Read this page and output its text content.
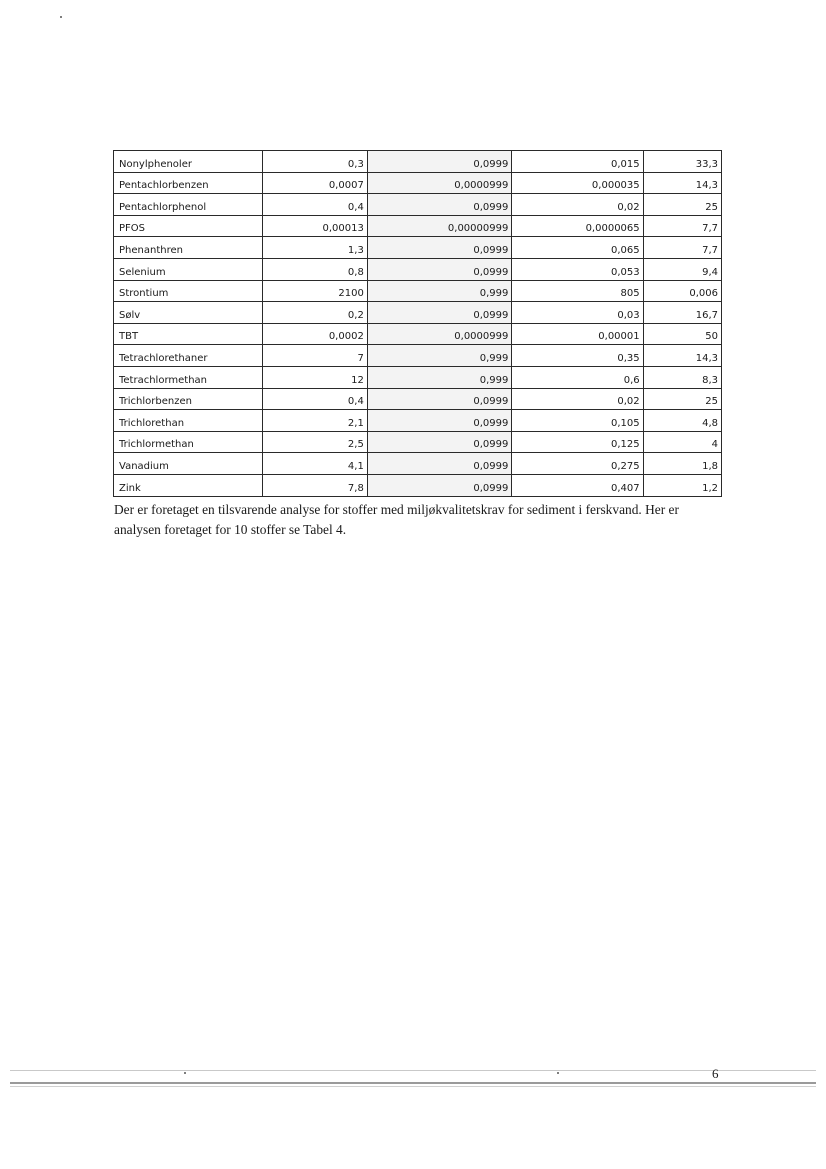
Nonylphenoler	0,3	0,0999	0,015	33,3
Pentachlorbenzen	0,0007	0,0000999	0,000035	14,3
Pentachlorphenol	0,4	0,0999	0,02	25
PFOS	0,00013	0,00000999	0,0000065	7,7
Phenanthren	1,3	0,0999	0,065	7,7
Selenium	0,8	0,0999	0,053	9,4
Strontium	2100	0,999	805	0,006
Sølv	0,2	0,0999	0,03	16,7
TBT	0,0002	0,0000999	0,00001	50
Tetrachlorethaner	7	0,999	0,35	14,3
Tetrachlormethan	12	0,999	0,6	8,3
Trichlorbenzen	0,4	0,0999	0,02	25
Trichlorethan	2,1	0,0999	0,105	4,8
Trichlormethan	2,5	0,0999	0,125	4
Vanadium	4,1	0,0999	0,275	1,8
Zink	7,8	0,0999	0,407	1,2

Der er foretaget en tilsvarende analyse for stoffer med miljøkvalitetskrav for sediment i ferskvand. Her er analysen foretaget for 10 stoffer se Tabel 4.

6
